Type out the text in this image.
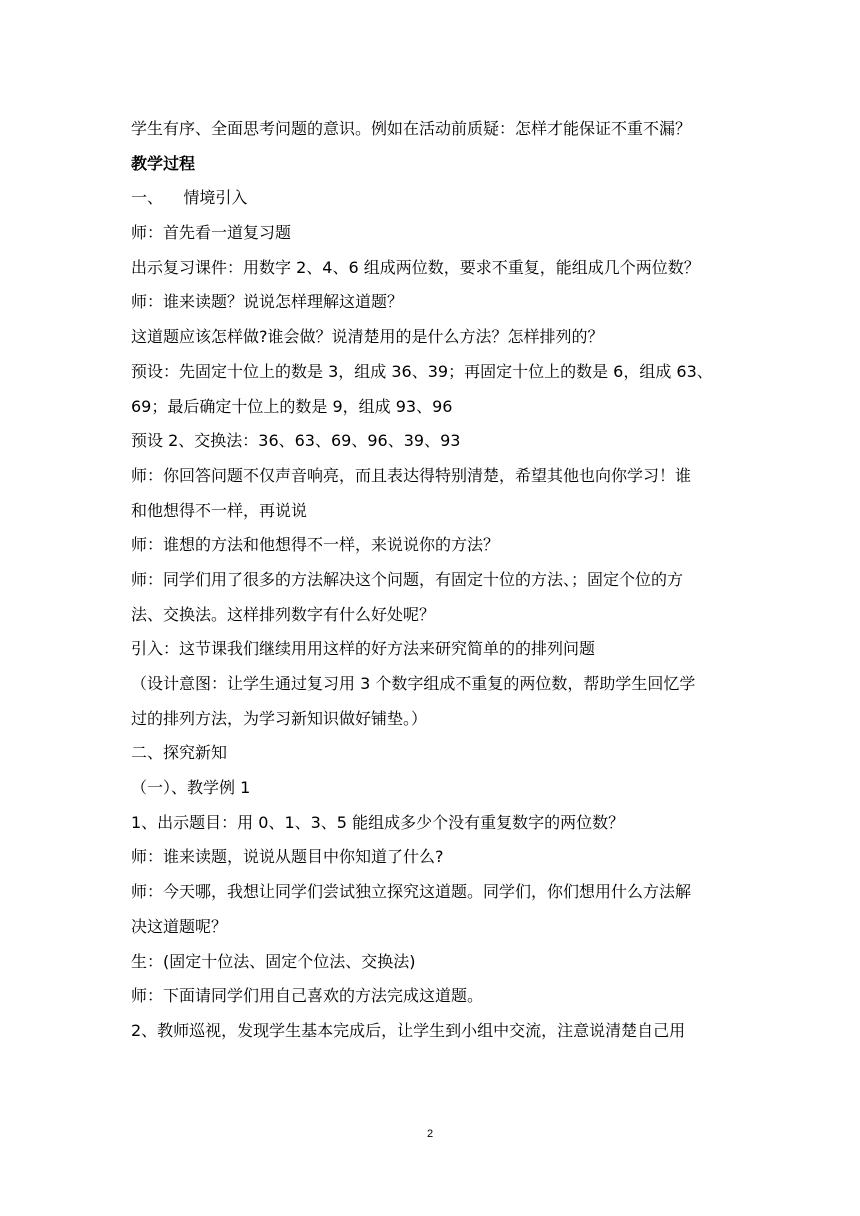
学生有序、全面思考问题的意识。例如在活动前质疑：怎样才能保证不重不漏？
教学过程
一、    情境引入
师：首先看一道复习题
出示复习课件：用数字 2、4、6 组成两位数，要求不重复，能组成几个两位数？
师：谁来读题？说说怎样理解这道题？
这道题应该怎样做?谁会做？说清楚用的是什么方法？怎样排列的？
预设：先固定十位上的数是 3，组成 36、39；再固定十位上的数是 6，组成 63、
69；最后确定十位上的数是 9，组成 93、96
预设 2、交换法：36、63、69、96、39、93
师：你回答问题不仅声音响亮，而且表达得特别清楚，希望其他也向你学习！谁
和他想得不一样，再说说
师：谁想的方法和他想得不一样，来说说你的方法？
师：同学们用了很多的方法解决这个问题，有固定十位的方法、；固定个位的方
法、交换法。这样排列数字有什么好处呢？
引入：这节课我们继续用用这样的好方法来研究简单的的排列问题
（设计意图：让学生通过复习用 3 个数字组成不重复的两位数，帮助学生回忆学
过的排列方法，为学习新知识做好铺垫。）
二、探究新知
（一）、教学例 1
1、出示题目：用 0、1、3、5 能组成多少个没有重复数字的两位数？
师：谁来读题，说说从题目中你知道了什么?
师：今天哪，我想让同学们尝试独立探究这道题。同学们，你们想用什么方法解
决这道题呢？
生：(固定十位法、固定个位法、交换法)
师：下面请同学们用自己喜欢的方法完成这道题。
2、教师巡视，发现学生基本完成后，让学生到小组中交流，注意说清楚自己用
2
